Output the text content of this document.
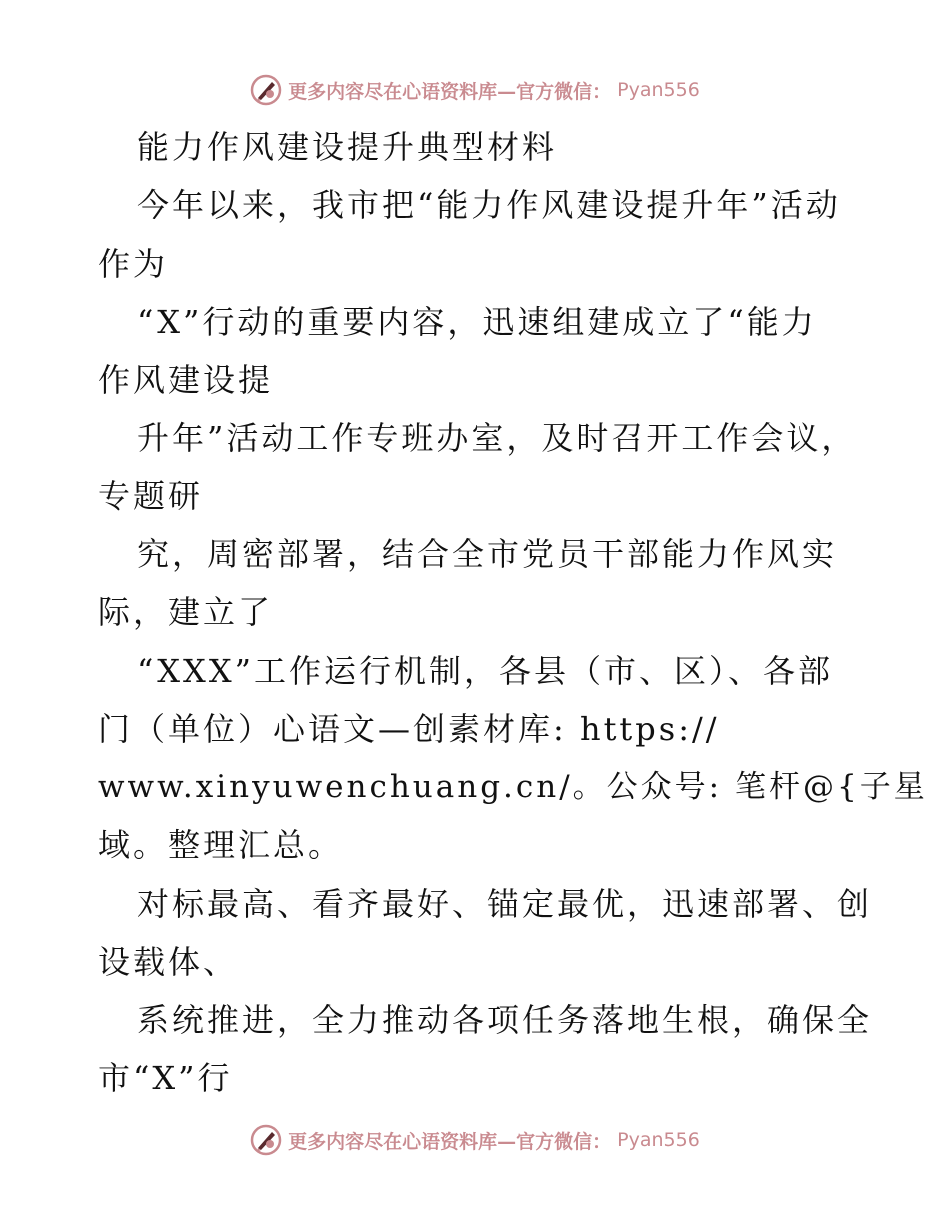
更多内容尽在心语资料库—官方微信： Pyan556
能力作风建设提升典型材料
今年以来，我市把“能力作风建设提升年”活动
作为
“X”行动的重要内容，迅速组建成立了“能力
作风建设提
升年”活动工作专班办室，及时召开工作会议，
专题研
究，周密部署，结合全市党员干部能力作风实
际，建立了
“XXX”工作运行机制，各县（市、区）、各部
门（单位）心语文—创素材库: https://
www.xinyuwenchuang.cn/。公众号: 笔杆@{子星
域。整理汇总。
对标最高、看齐最好、锚定最优，迅速部署、创
设载体、
系统推进，全力推动各项任务落地生根，确保全
市“X”行
更多内容尽在心语资料库—官方微信： Pyan556
